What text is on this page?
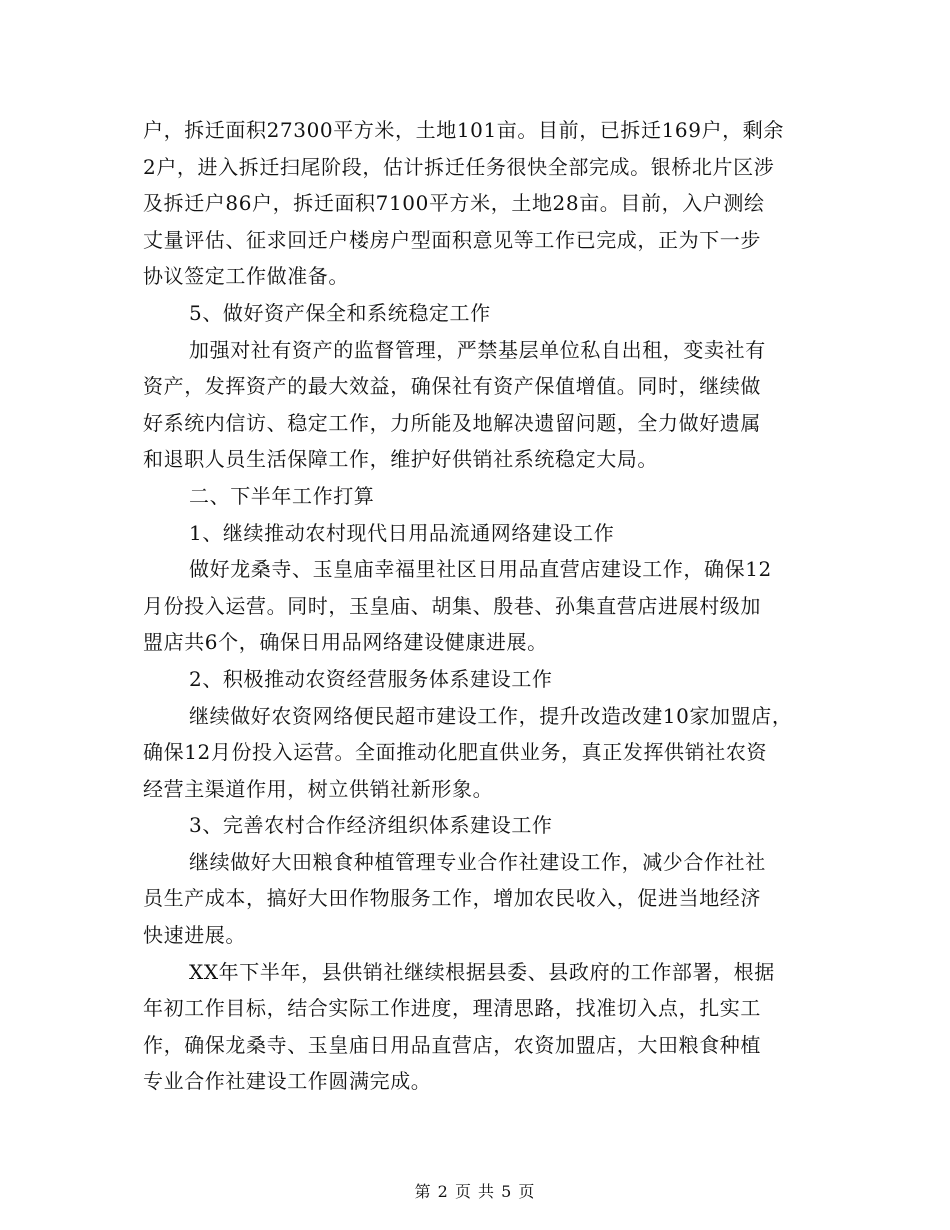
户，拆迁面积27300平方米，土地101亩。目前，已拆迁169户，剩余
2户，进入拆迁扫尾阶段，估计拆迁任务很快全部完成。银桥北片区涉
及拆迁户86户，拆迁面积7100平方米，土地28亩。目前，入户测绘
丈量评估、征求回迁户楼房户型面积意见等工作已完成，正为下一步
协议签定工作做准备。

5、做好资产保全和系统稳定工作

加强对社有资产的监督管理，严禁基层单位私自出租，变卖社有
资产，发挥资产的最大效益，确保社有资产保值增值。同时，继续做
好系统内信访、稳定工作，力所能及地解决遗留问题，全力做好遗属
和退职人员生活保障工作，维护好供销社系统稳定大局。

二、下半年工作打算

1、继续推动农村现代日用品流通网络建设工作

做好龙桑寺、玉皇庙幸福里社区日用品直营店建设工作，确保12
月份投入运营。同时，玉皇庙、胡集、殷巷、孙集直营店进展村级加
盟店共6个，确保日用品网络建设健康进展。

2、积极推动农资经营服务体系建设工作

继续做好农资网络便民超市建设工作，提升改造改建10家加盟店，
确保12月份投入运营。全面推动化肥直供业务，真正发挥供销社农资
经营主渠道作用，树立供销社新形象。

3、完善农村合作经济组织体系建设工作

继续做好大田粮食种植管理专业合作社建设工作，减少合作社社
员生产成本，搞好大田作物服务工作，增加农民收入，促进当地经济
快速进展。

XX年下半年，县供销社继续根据县委、县政府的工作部署，根据
年初工作目标，结合实际工作进度，理清思路，找准切入点，扎实工
作，确保龙桑寺、玉皇庙日用品直营店，农资加盟店，大田粮食种植
专业合作社建设工作圆满完成。

第 2 页 共 5 页
